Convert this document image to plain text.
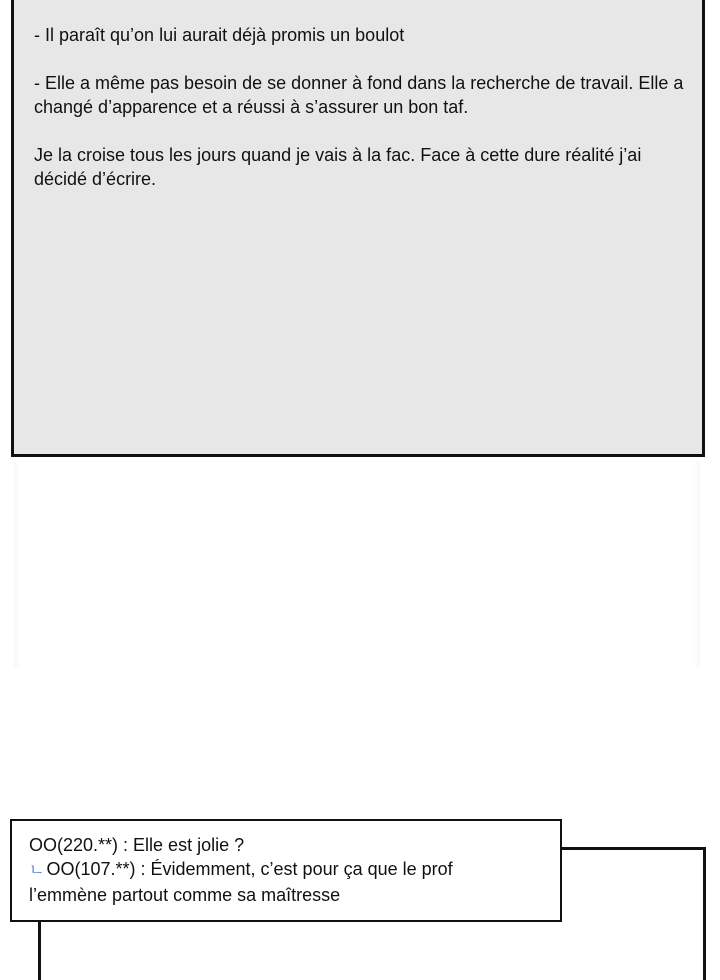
- Il paraît qu’on lui aurait déjà promis un boulot

- Elle a même pas besoin de se donner à fond dans la recherche de travail. Elle a changé d’apparence et a réussi à s’assurer un bon taf.

Je la croise tous les jours quand je vais à la fac. Face à cette dure réalité j’ai décidé d’écrire.

OO(220.**) : Elle est jolie ?

ㄴ OO(107.**) : Évidemment, c’est pour ça que le prof

l’emmène partout comme sa maîtresse
